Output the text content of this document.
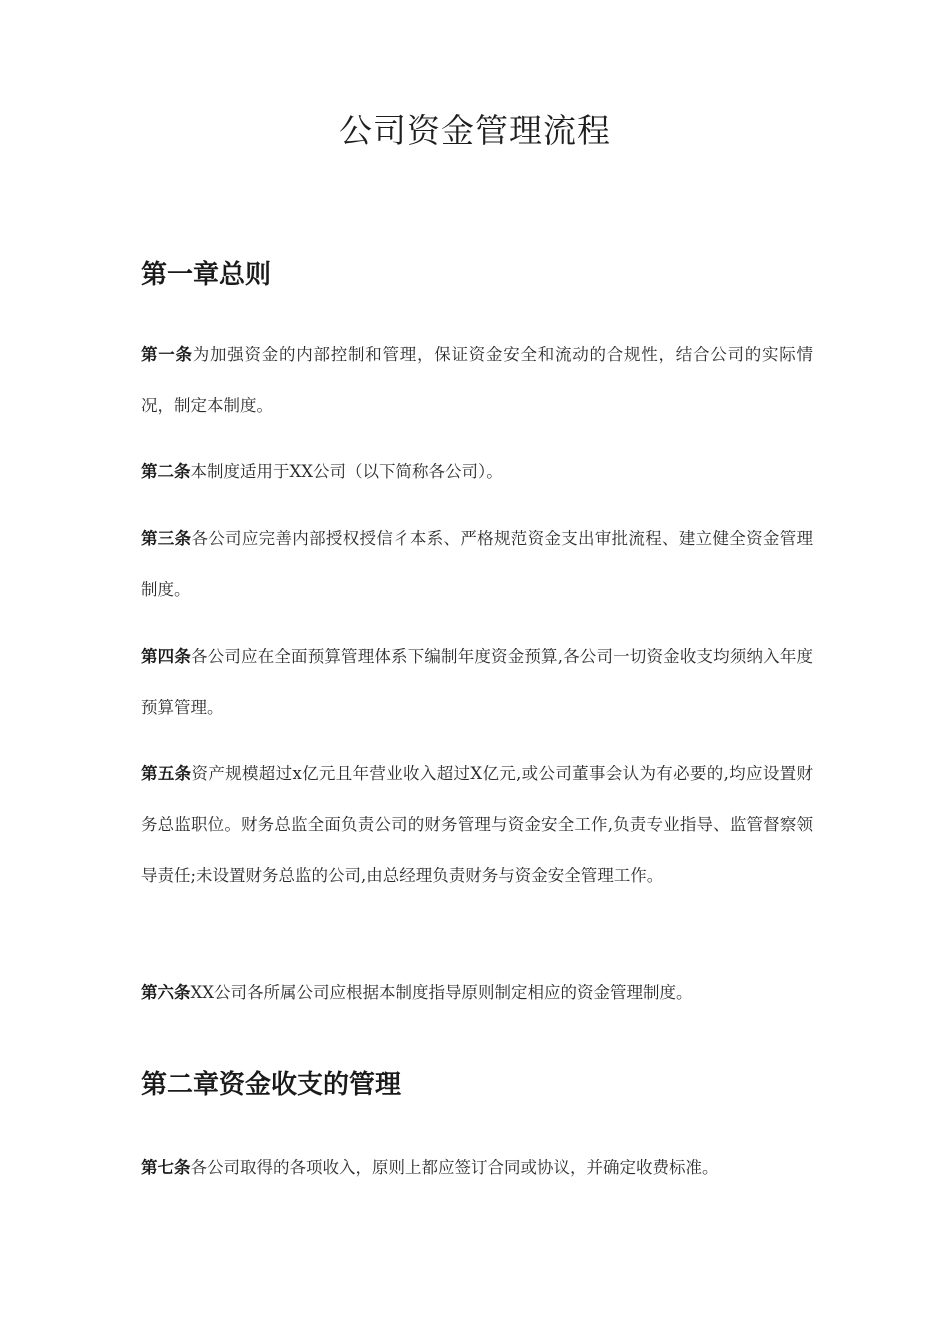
公司资金管理流程
第一章总则

第一条为加强资金的内部控制和管理，保证资金安全和流动的合规性，结合公司的实际情况，制定本制度。

第二条本制度适用于XX公司（以下简称各公司）。

第三条各公司应完善内部授权授信彳本系、严格规范资金支出审批流程、建立健全资金管理制度。

第四条各公司应在全面预算管理体系下编制年度资金预算,各公司一切资金收支均须纳入年度预算管理。

第五条资产规模超过x亿元且年营业收入超过X亿元,或公司董事会认为有必要的,均应设置财务总监职位。财务总监全面负责公司的财务管理与资金安全工作,负责专业指导、监管督察领导责任;未设置财务总监的公司,由总经理负责财务与资金安全管理工作。

第六条XX公司各所属公司应根据本制度指导原则制定相应的资金管理制度。

第二章资金收支的管理

第七条各公司取得的各项收入，原则上都应签订合同或协议，并确定收费标准。
